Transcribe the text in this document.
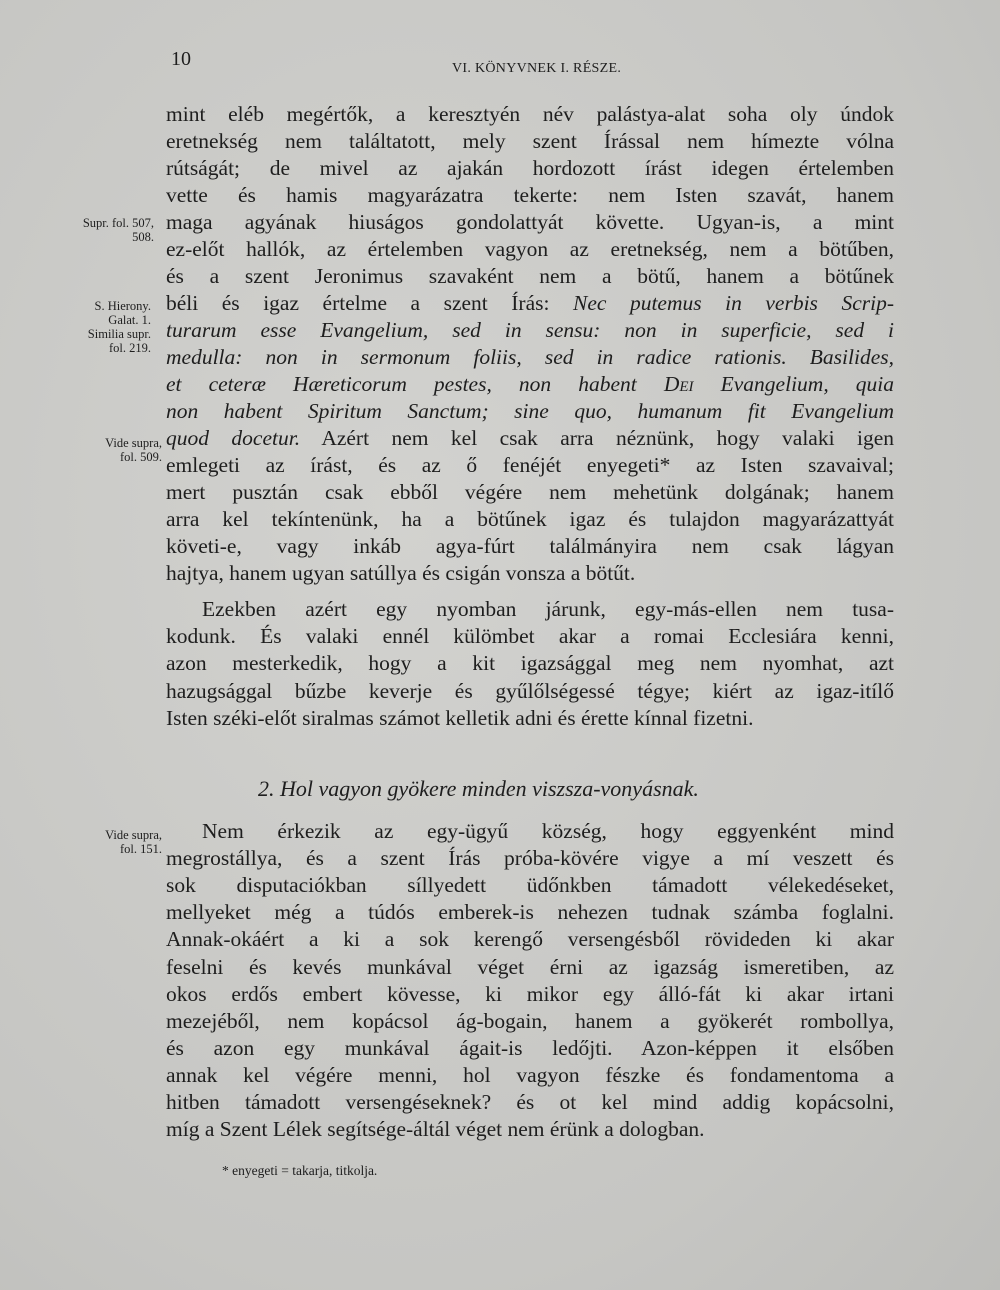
10	VI. KÖNYVNEK I. RÉSZE.
mint eléb megértők, a keresztyén név palástya-alat soha oly úndok
eretnekség nem találtatott, mely szent Írással nem hímezte vólna
rútságát; de mivel az ajakán hordozott írást idegen értelemben
vette és hamis magyarázatra tekerte: nem Isten szavát, hanem
maga agyának hiuságos gondolattyát követte. Ugyan-is, a mint
ez-előt hallók, az értelemben vagyon az eretnekség, nem a bötűben,
és a szent Jeronimus szavaként nem a bötű, hanem a bötűnek
béli és igaz értelme a szent Írás: Nec putemus in verbis Scrip-
turarum esse Evangelium, sed in sensu: non in superficie, sed i
medulla: non in sermonum foliis, sed in radice rationis. Basilides,
et ceteræ Hæreticorum pestes, non habent Dei Evangelium, quia
non habent Spiritum Sanctum; sine quo, humanum fit Evangelium
quod docetur. Azért nem kel csak arra néznünk, hogy valaki igen
emlegeti az írást, és az ő fenéjét enyegeti* az Isten szavaival;
mert pusztán csak ebből végére nem mehetünk dolgának; hanem
arra kel tekíntenünk, ha a bötűnek igaz és tulajdon magyarázattyát
követi-e, vagy inkáb agya-fúrt találmányira nem csak lágyan
hajtya, hanem ugyan satúllya és csigán vonsza a bötűt.
Ezekben azért egy nyomban járunk, egy-más-ellen nem tusa-
kodunk. És valaki ennél külömbet akar a romai Ecclesiára kenni,
azon mesterkedik, hogy a kit igazsággal meg nem nyomhat, azt
hazugsággal bűzbe keverje és gyűlőlségessé tégye; kiért az igaz-itílő
Isten széki-előt siralmas számot kelletik adni és érette kínnal fizetni.
2. Hol vagyon gyökere minden viszsza-vonyásnak.
Nem érkezik az egy-ügyű község, hogy eggyenként mind
megrostállya, és a szent Írás próba-kövére vigye a mí veszett és
sok disputaciókban síllyedett üdőnkben támadott vélekedéseket,
mellyeket még a túdós emberek-is nehezen tudnak számba foglalni.
Annak-okáért a ki a sok kerengő versengésből rövideden ki akar
feselni és kevés munkával véget érni az igazság ismeretiben, az
okos erdős embert kövesse, ki mikor egy álló-fát ki akar irtani
mezejéből, nem kopácsol ág-bogain, hanem a gyökerét rombollya,
és azon egy munkával ágait-is ledőjti. Azon-képpen it elsőben
annak kel végére menni, hol vagyon fészke és fondamentoma a
hitben támadott versengéseknek? és ot kel mind addig kopácsolni,
míg a Szent Lélek segítsége-áltál véget nem érünk a dologban.
Supr. fol. 507,
508.
S. Hierony.
Galat. 1.
Similia supr.
fol. 219.
Vide supra,
fol. 509.
Vide supra,
fol. 151.
* enyegeti = takarja, titkolja.
